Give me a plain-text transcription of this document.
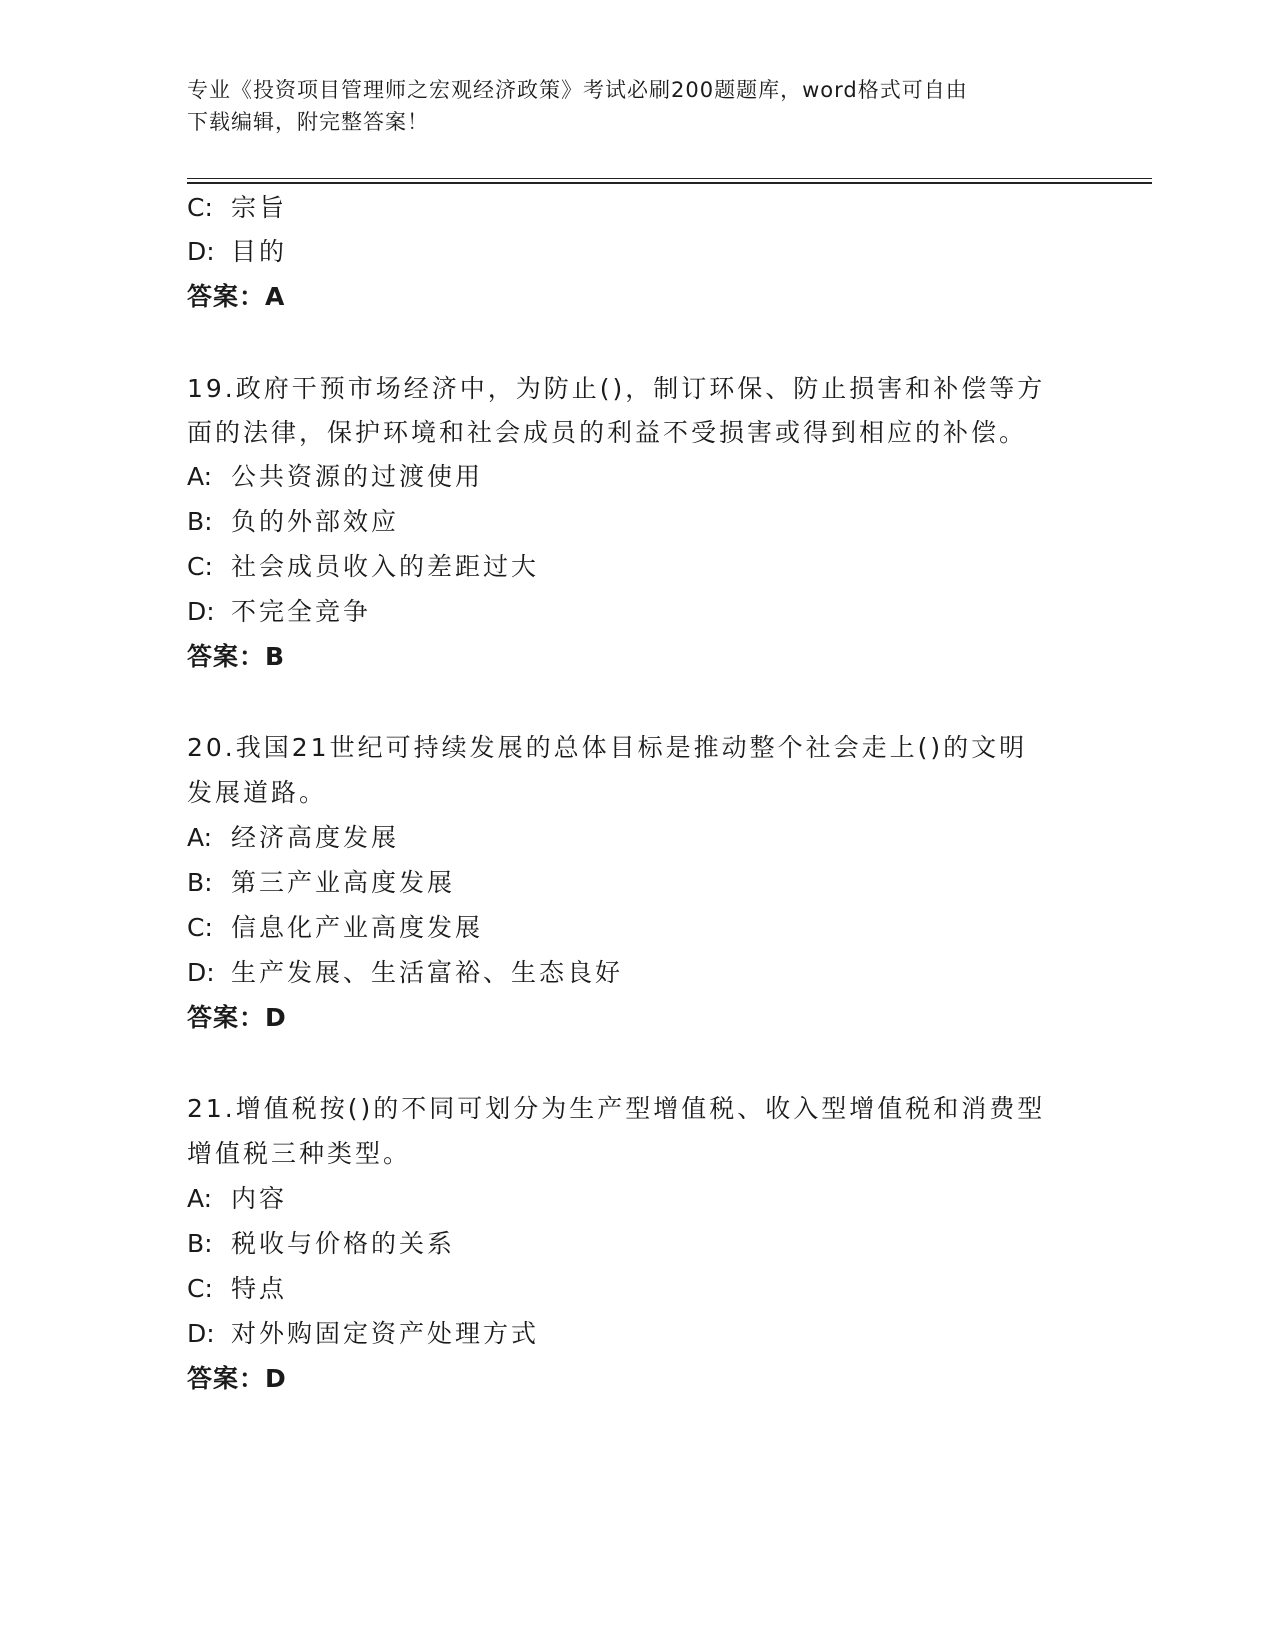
专业《投资项目管理师之宏观经济政策》考试必刷200题题库，word格式可自由
下载编辑，附完整答案！
C: 宗旨
D: 目的
答案：A
19.政府干预市场经济中，为防止()，制订环保、防止损害和补偿等方
面的法律，保护环境和社会成员的利益不受损害或得到相应的补偿。
A: 公共资源的过渡使用
B: 负的外部效应
C: 社会成员收入的差距过大
D: 不完全竞争
答案：B
20.我国21世纪可持续发展的总体目标是推动整个社会走上()的文明
发展道路。
A: 经济高度发展
B: 第三产业高度发展
C: 信息化产业高度发展
D: 生产发展、生活富裕、生态良好
答案：D
21.增值税按()的不同可划分为生产型增值税、收入型增值税和消费型
增值税三种类型。
A: 内容
B: 税收与价格的关系
C: 特点
D: 对外购固定资产处理方式
答案：D
